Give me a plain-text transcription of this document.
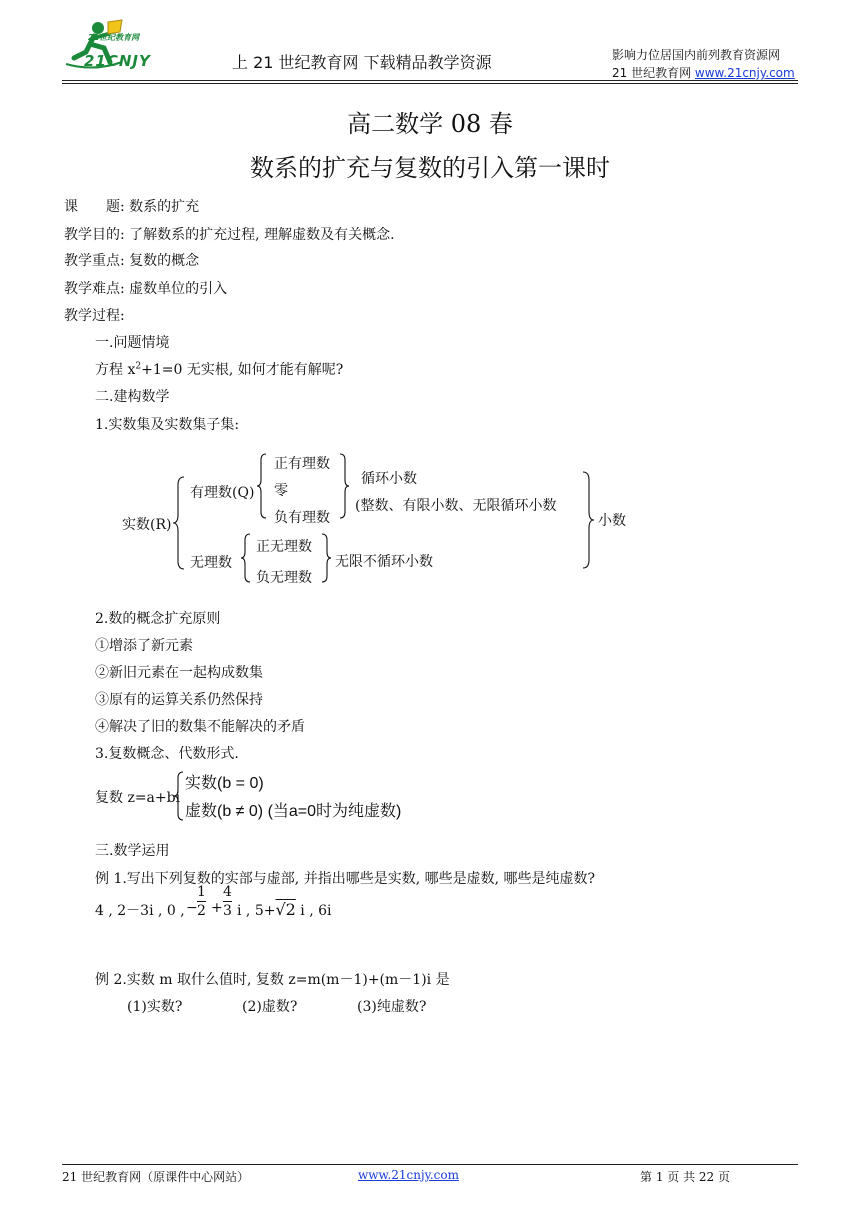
21世纪教育网
21CNJY	上 21 世纪教育网 下载精品教学资源	影响力位居国内前列教育资源网
21 世纪教育网 www.21cnjy.com
高二数学 08 春
数系的扩充与复数的引入第一课时
课　　题: 数系的扩充
教学目的: 了解数系的扩充过程, 理解虚数及有关概念.
教学重点: 复数的概念
教学难点: 虚数单位的引入
教学过程:
一.问题情境
方程 $x^2+1=0$ 无实根, 如何才能有解呢?
二.建构数学
1.实数集及实数集子集:
实数(R)
有理数(Q)
正有理数
零
负有理数
循环小数
(整数、有限小数、无限循环小数
无理数
正无理数
负无理数
无限不循环小数
小数
2.数的概念扩充原则
①增添了新元素
②新旧元素在一起构成数集
③原有的运算关系仍然保持
④解决了旧的数集不能解决的矛盾
3.复数概念、代数形式.
复数 z=a+bi
实数(b = 0)
虚数(b ≠ 0) (当a=0时为纯虚数)
三.数学运用
例 1.写出下列复数的实部与虚部, 并指出哪些是实数, 哪些是虚数, 哪些是纯虚数?
4 , 2－3i , 0 , −
1
2 +
4
3 i , 5+√2 i , 6i
例 2.实数 m 取什么值时, 复数 z=m(m－1)+(m－1)i 是
(1)实数?	(2)虚数?	(3)纯虚数?
21 世纪教育网（原课件中心网站）	www.21cnjy.com	第 1 页 共 22 页
